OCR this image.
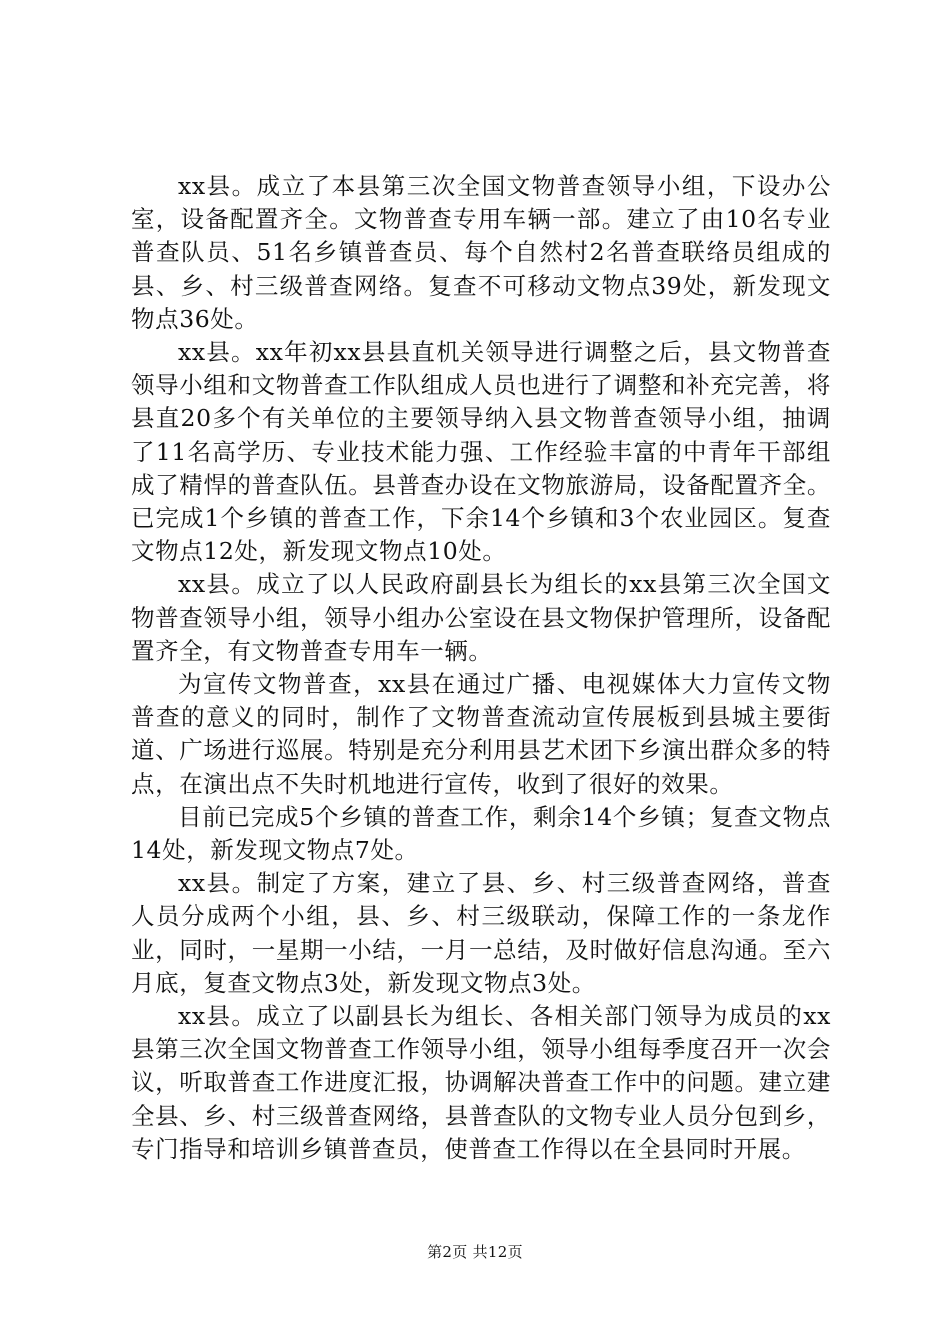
xx县。成立了本县第三次全国文物普查领导小组，下设办公室，设备配置齐全。文物普查专用车辆一部。建立了由10名专业普查队员、51名乡镇普查员、每个自然村2名普查联络员组成的县、乡、村三级普查网络。复查不可移动文物点39处，新发现文物点36处。

xx县。xx年初xx县县直机关领导进行调整之后，县文物普查领导小组和文物普查工作队组成人员也进行了调整和补充完善，将县直20多个有关单位的主要领导纳入县文物普查领导小组，抽调了11名高学历、专业技术能力强、工作经验丰富的中青年干部组成了精悍的普查队伍。县普查办设在文物旅游局，设备配置齐全。已完成1个乡镇的普查工作，下余14个乡镇和3个农业园区。复查文物点12处，新发现文物点10处。

xx县。成立了以人民政府副县长为组长的xx县第三次全国文物普查领导小组，领导小组办公室设在县文物保护管理所，设备配置齐全，有文物普查专用车一辆。

为宣传文物普查，xx县在通过广播、电视媒体大力宣传文物普查的意义的同时，制作了文物普查流动宣传展板到县城主要街道、广场进行巡展。特别是充分利用县艺术团下乡演出群众多的特点，在演出点不失时机地进行宣传，收到了很好的效果。

目前已完成5个乡镇的普查工作，剩余14个乡镇；复查文物点14处，新发现文物点7处。

xx县。制定了方案，建立了县、乡、村三级普查网络，普查人员分成两个小组，县、乡、村三级联动，保障工作的一条龙作业，同时，一星期一小结，一月一总结，及时做好信息沟通。至六月底，复查文物点3处，新发现文物点3处。

xx县。成立了以副县长为组长、各相关部门领导为成员的xx县第三次全国文物普查工作领导小组，领导小组每季度召开一次会议，听取普查工作进度汇报，协调解决普查工作中的问题。建立建全县、乡、村三级普查网络，县普查队的文物专业人员分包到乡，专门指导和培训乡镇普查员，使普查工作得以在全县同时开展。

第2页 共12页
